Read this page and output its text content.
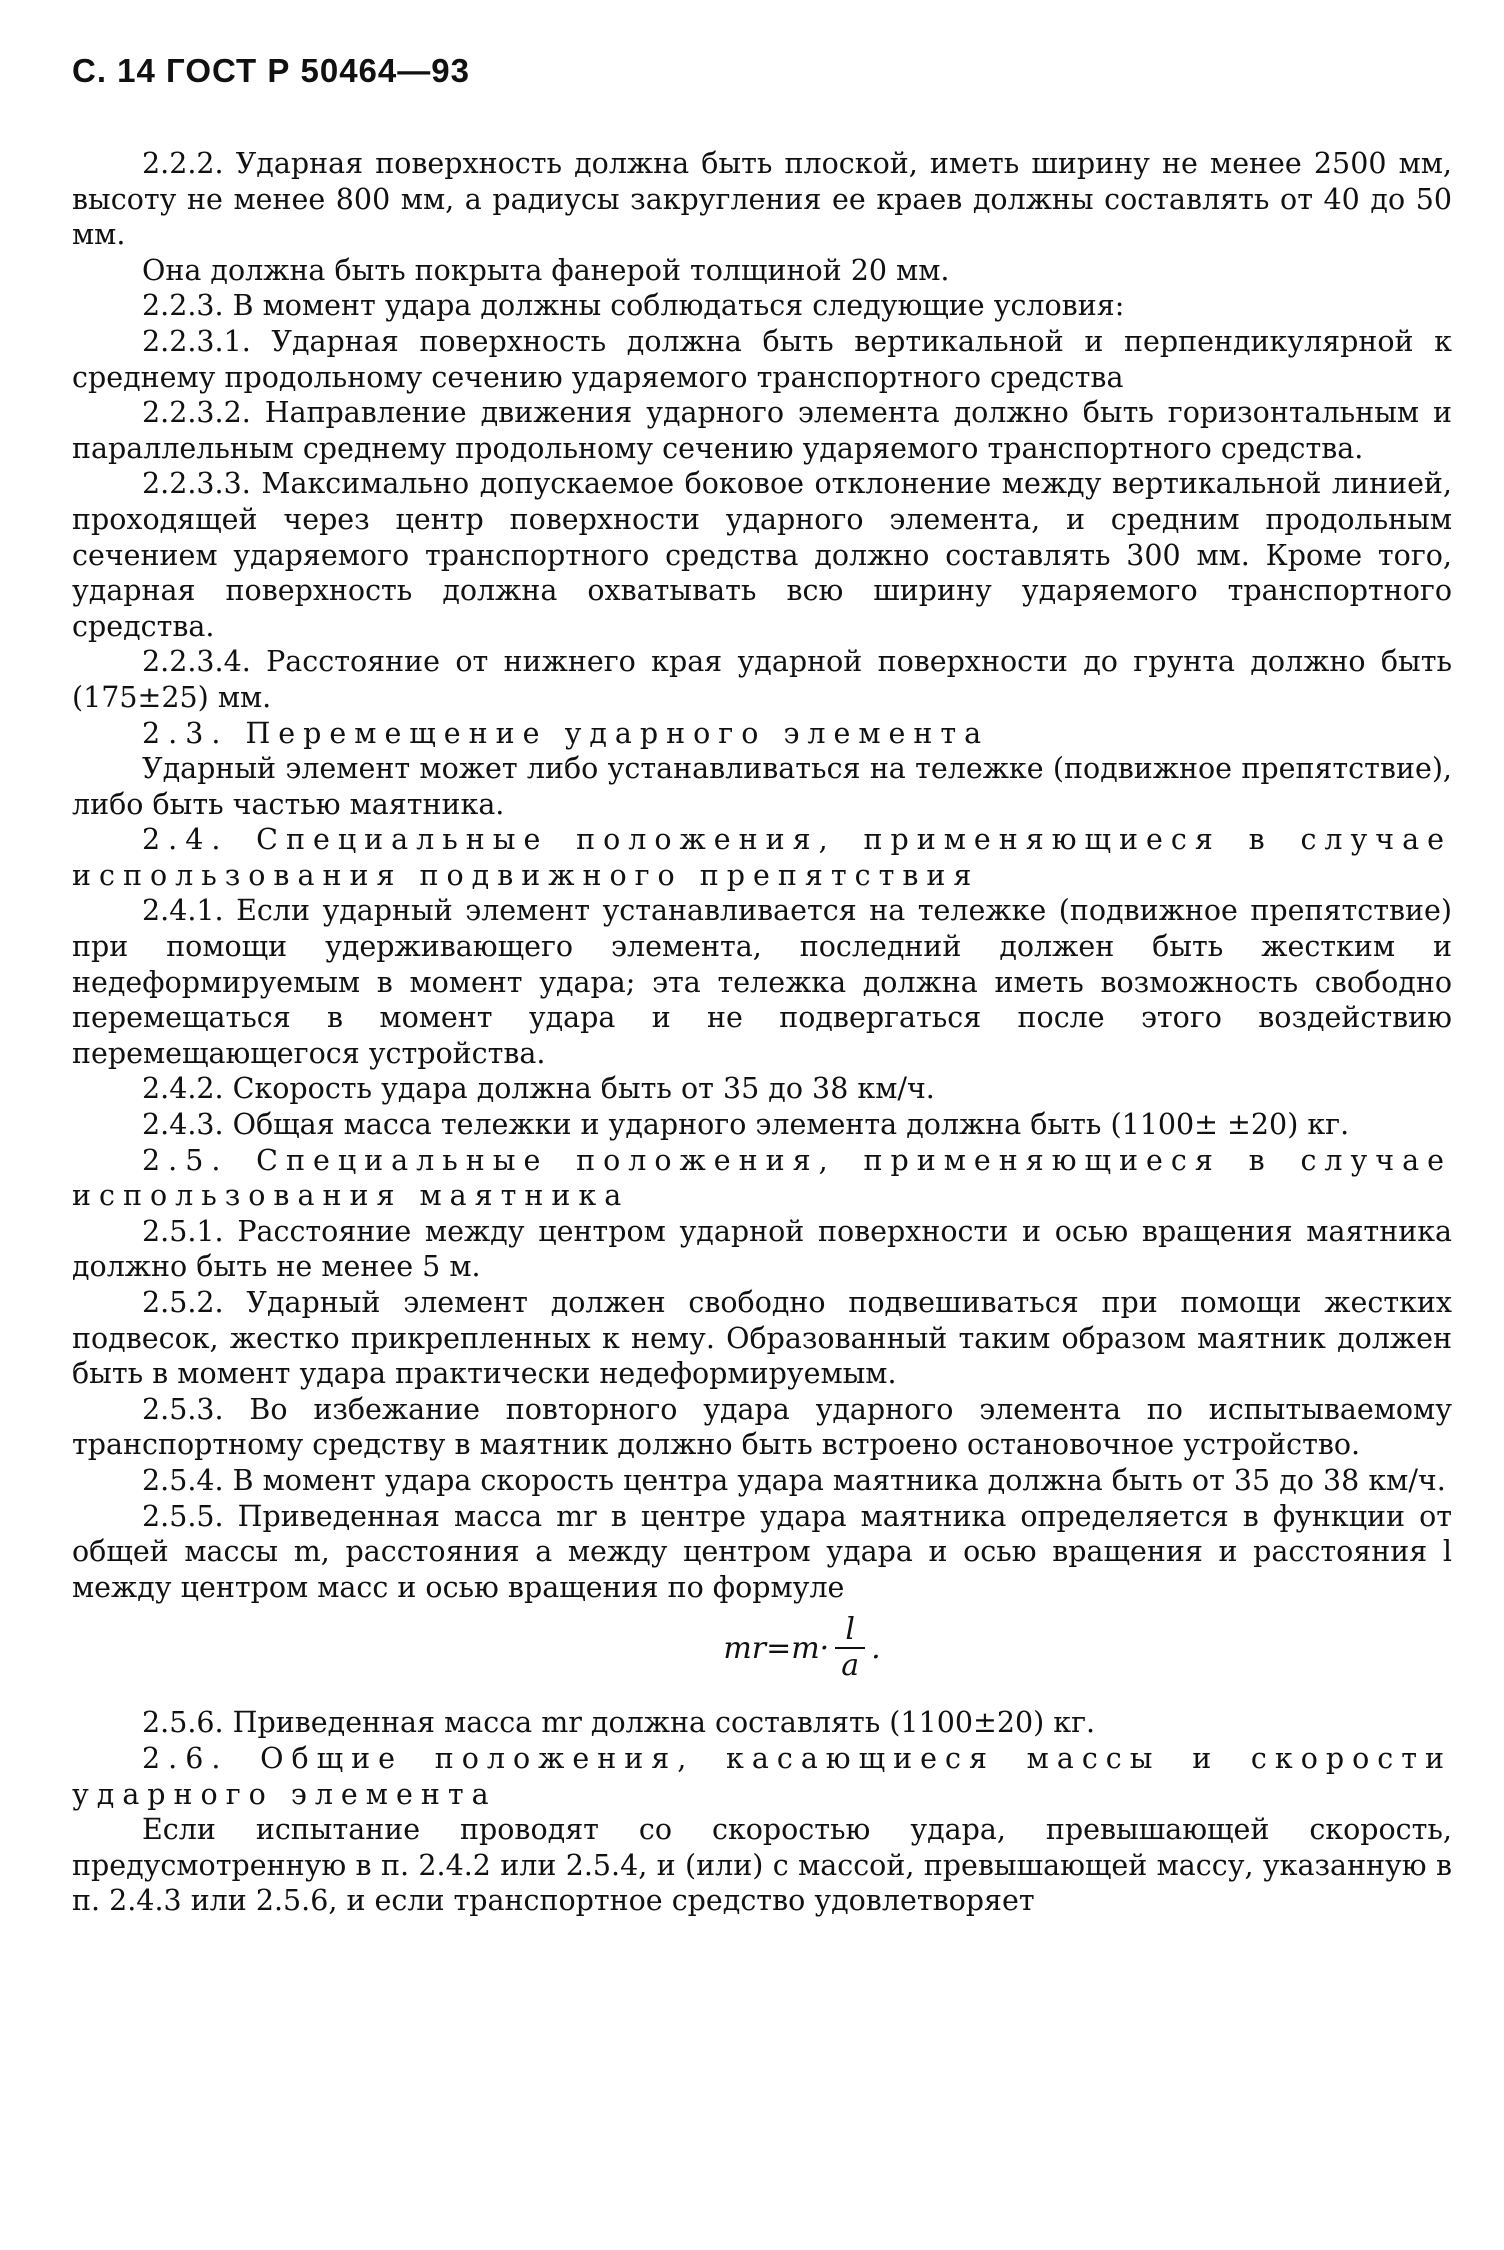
С. 14 ГОСТ Р 50464—93

2.2.2. Ударная поверхность должна быть плоской, иметь ширину не менее 2500 мм, высоту не менее 800 мм, а радиусы закругления ее краев должны составлять от 40 до 50 мм.

Она должна быть покрыта фанерой толщиной 20 мм.

2.2.3. В момент удара должны соблюдаться следующие условия:

2.2.3.1. Ударная поверхность должна быть вертикальной и перпендикулярной к среднему продольному сечению ударяемого транспортного средства

2.2.3.2. Направление движения ударного элемента должно быть горизонтальным и параллельным среднему продольному сечению ударяемого транспортного средства.

2.2.3.3. Максимально допускаемое боковое отклонение между вертикальной линией, проходящей через центр поверхности ударного элемента, и средним продольным сечением ударяемого транспортного средства должно составлять 300 мм. Кроме того, ударная поверхность должна охватывать всю ширину ударяемого транспортного средства.

2.2.3.4. Расстояние от нижнего края ударной поверхности до грунта должно быть (175±25) мм.

2.3. Перемещение ударного элемента

Ударный элемент может либо устанавливаться на тележке (подвижное препятствие), либо быть частью маятника.

2.4. Специальные положения, применяющиеся в случае использования подвижного препятствия

2.4.1. Если ударный элемент устанавливается на тележке (подвижное препятствие) при помощи удерживающего элемента, последний должен быть жестким и недеформируемым в момент удара; эта тележка должна иметь возможность свободно перемещаться в момент удара и не подвергаться после этого воздействию перемещающегося устройства.

2.4.2. Скорость удара должна быть от 35 до 38 км/ч.

2.4.3. Общая масса тележки и ударного элемента должна быть (1100± ±20) кг.

2.5. Специальные положения, применяющиеся в случае использования маятника

2.5.1. Расстояние между центром ударной поверхности и осью вращения маятника должно быть не менее 5 м.

2.5.2. Ударный элемент должен свободно подвешиваться при помощи жестких подвесок, жестко прикрепленных к нему. Образованный таким образом маятник должен быть в момент удара практически недеформируемым.

2.5.3. Во избежание повторного удара ударного элемента по испытываемому транспортному средству в маятник должно быть встроено остановочное устройство.

2.5.4. В момент удара скорость центра удара маятника должна быть от 35 до 38 км/ч.

2.5.5. Приведенная масса mr в центре удара маятника определяется в функции от общей массы m, расстояния a между центром удара и осью вращения и расстояния l между центром масс и осью вращения по формуле

$mr=m\cdot \frac{l}{a}$ .

2.5.6. Приведенная масса mr должна составлять (1100±20) кг.

2.6. Общие положения, касающиеся массы и скорости ударного элемента

Если испытание проводят со скоростью удара, превышающей скорость, предусмотренную в п. 2.4.2 или 2.5.4, и (или) с массой, превышающей массу, указанную в п. 2.4.3 или 2.5.6, и если транспортное средство удовлетворяет
